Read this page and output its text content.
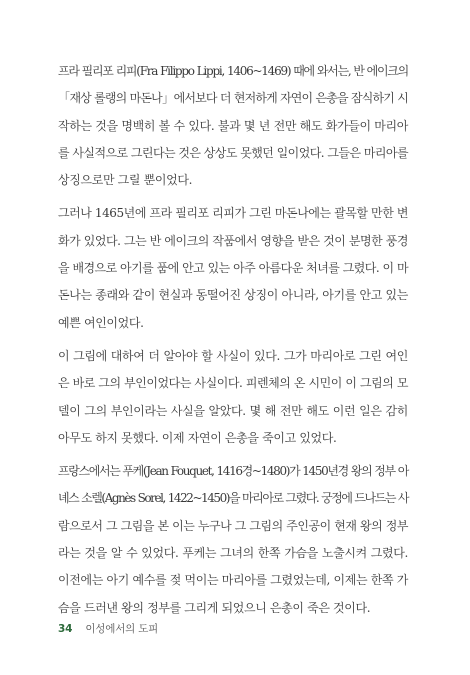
프라 필리포 리피(Fra Filippo Lippi, 1406~1469) 때에 와서는, 반 에이크의
「재상 롤랭의 마돈나」에서보다 더 현저하게 자연이 은총을 잠식하기 시
작하는 것을 명백히 볼 수 있다. 불과 몇 년 전만 해도 화가들이 마리아
를 사실적으로 그린다는 것은 상상도 못했던 일이었다. 그들은 마리아를
상징으로만 그릴 뿐이었다.
그러나 1465년에 프라 필리포 리피가 그린 마돈나에는 괄목할 만한 변
화가 있었다. 그는 반 에이크의 작품에서 영향을 받은 것이 분명한 풍경
을 배경으로 아기를 품에 안고 있는 아주 아름다운 처녀를 그렸다. 이 마
돈나는 종래와 같이 현실과 동떨어진 상징이 아니라, 아기를 안고 있는
예쁜 여인이었다.
이 그림에 대하여 더 알아야 할 사실이 있다. 그가 마리아로 그린 여인
은 바로 그의 부인이었다는 사실이다. 피렌체의 온 시민이 이 그림의 모
델이 그의 부인이라는 사실을 알았다. 몇 해 전만 해도 이런 일은 감히
아무도 하지 못했다. 이제 자연이 은총을 죽이고 있었다.
프랑스에서는 푸케(Jean Fouquet, 1416경~1480)가 1450년경 왕의 정부 아
녜스 소렐(Agnès Sorel, 1422~1450)을 마리아로 그렸다. 궁정에 드나드는 사
람으로서 그 그림을 본 이는 누구나 그 그림의 주인공이 현재 왕의 정부
라는 것을 알 수 있었다. 푸케는 그녀의 한쪽 가슴을 노출시켜 그렸다.
이전에는 아기 예수를 젖 먹이는 마리아를 그렸었는데, 이제는 한쪽 가
슴을 드러낸 왕의 정부를 그리게 되었으니 은총이 죽은 것이다.
34 이성에서의 도피
